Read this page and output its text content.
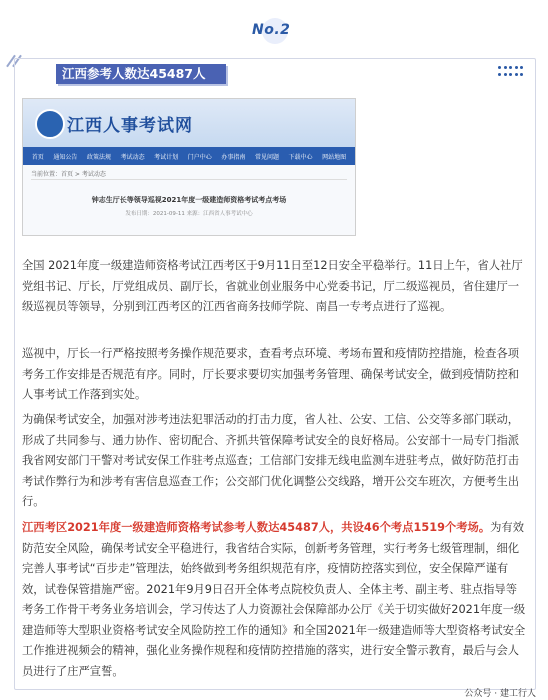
No.2
江西参考人数达45487人
江西人事考试网
首页 通知公告 政策法规 考试动态 考试计划 门户中心 办事指南 常见问题 下载中心 网站地图
当前位置：首页 > 考试动态
钟志生厅长等领导巡视2021年度一级建造师资格考试考点考场
发布日期：2021-09-11 来源：江西省人事考试中心

全国 2021年度一级建造师资格考试江西考区于9月11日至12日安全平稳举行。11日上午，省人社厅党组书记、厅长，厅党组成员、副厅长，省就业创业服务中心党委书记，厅二级巡视员，省住建厅一级巡视员等领导，分别到江西考区的江西省商务技师学院、南昌一专考点进行了巡视。

巡视中，厅长一行严格按照考务操作规范要求，查看考点环境、考场布置和疫情防控措施，检查各项考务工作安排是否规范有序。同时，厅长要求要切实加强考务管理、确保考试安全，做到疫情防控和人事考试工作落到实处。

为确保考试安全，加强对涉考违法犯罪活动的打击力度，省人社、公安、工信、公交等多部门联动，形成了共同参与、通力协作、密切配合、齐抓共管保障考试安全的良好格局。公安部十一局专门指派我省网安部门干警对考试安保工作驻考点巡查；工信部门安排无线电监测车进驻考点，做好防范打击考试作弊行为和涉考有害信息巡查工作；公交部门优化调整公交线路，增开公交车班次，方便考生出行。

江西考区2021年度一级建造师资格考试参考人数达45487人，共设46个考点1519个考场。为有效防范安全风险，确保考试安全平稳进行，我省结合实际，创新考务管理，实行考务七级管理制，细化完善人事考试“百步走”管理法，始终做到考务组织规范有序，疫情防控落实到位，安全保障严谨有效，试卷保管措施严密。2021年9月9日召开全体考点院校负责人、全体主考、副主考、驻点指导等考务工作骨干考务业务培训会，学习传达了人力资源社会保障部办公厅《关于切实做好2021年度一级建造师等大型职业资格考试安全风险防控工作的通知》和全国2021年一级建造师等大型资格考试安全工作推进视频会的精神，强化业务操作规程和疫情防控措施的落实，进行安全警示教育，最后与会人员进行了庄严宣誓。

公众号 · 建工行人
